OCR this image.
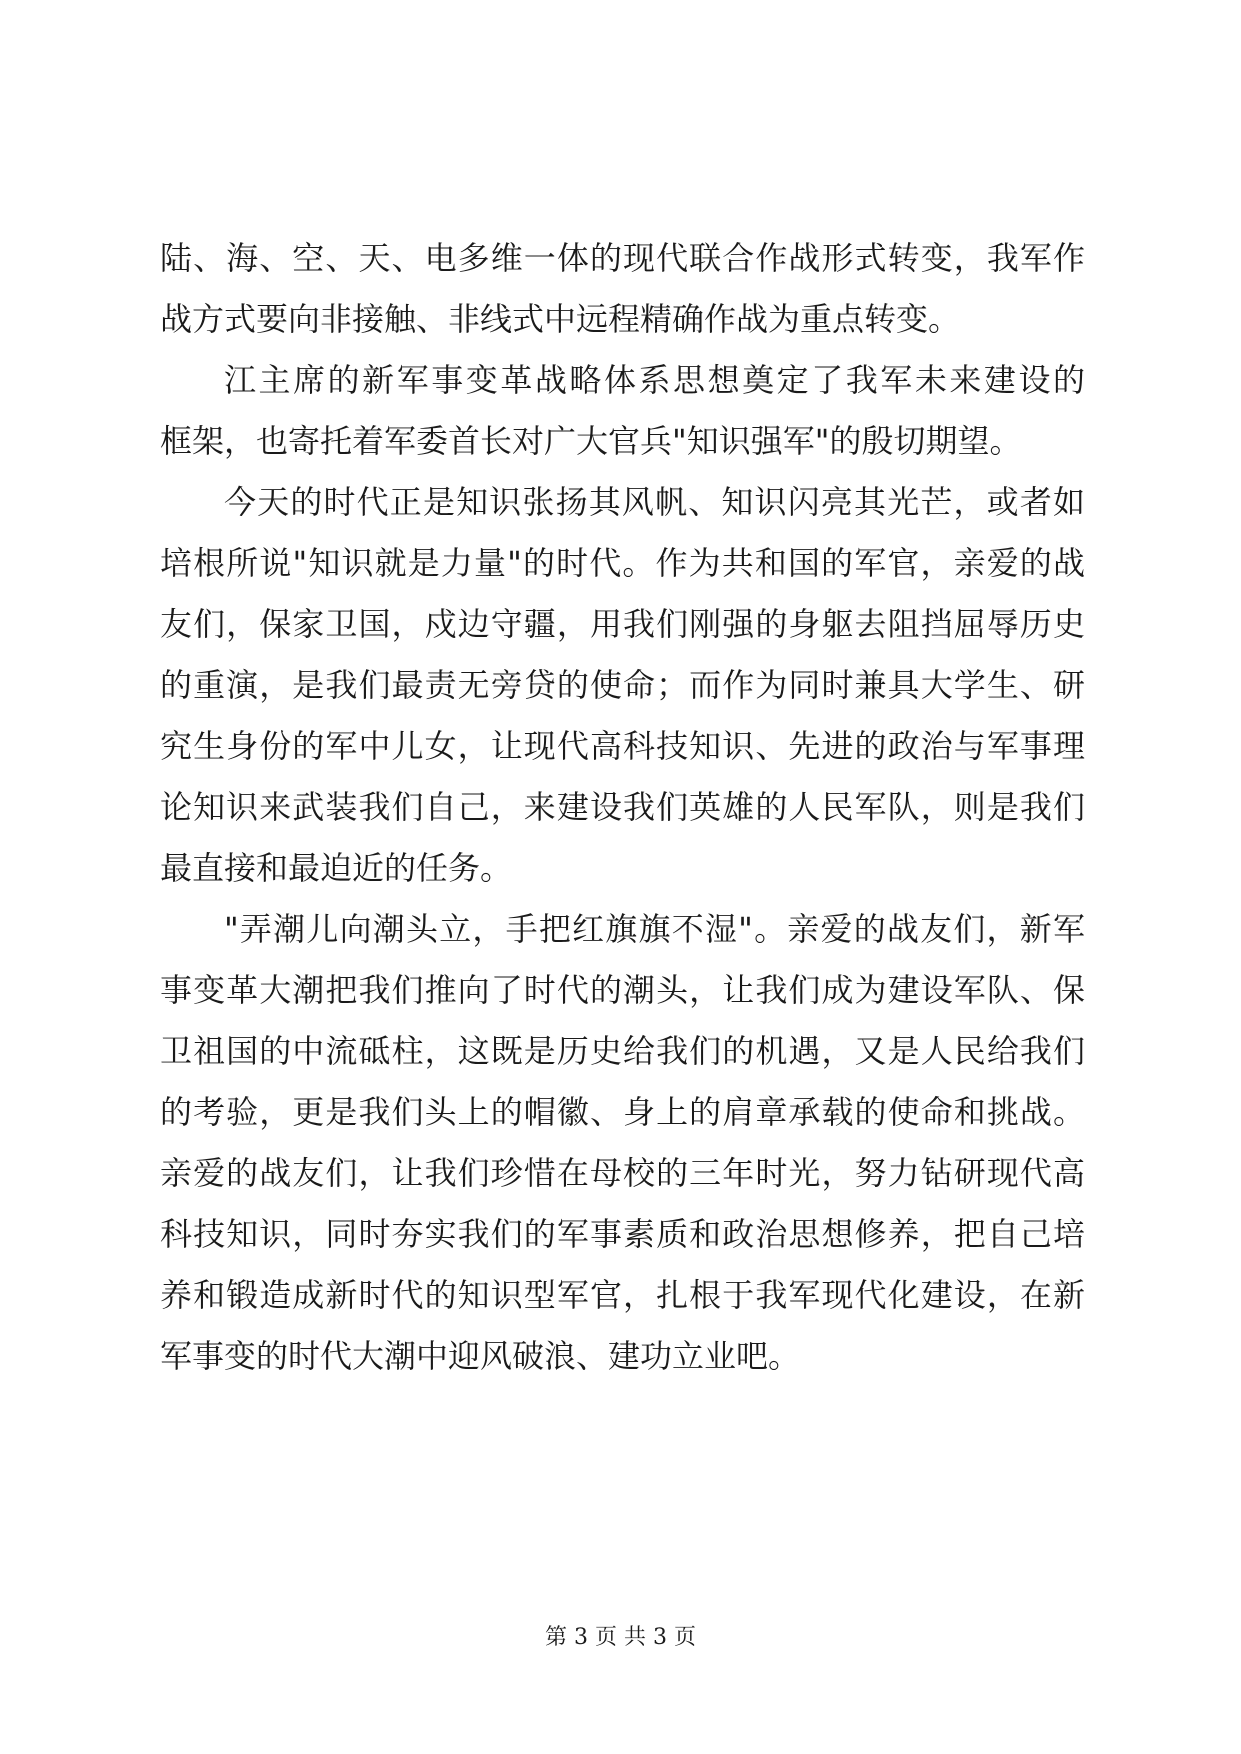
陆、海、空、天、电多维一体的现代联合作战形式转变，我军作
战方式要向非接触、非线式中远程精确作战为重点转变。
江主席的新军事变革战略体系思想奠定了我军未来建设的
框架，也寄托着军委首长对广大官兵"知识强军"的殷切期望。
今天的时代正是知识张扬其风帆、知识闪亮其光芒，或者如
培根所说"知识就是力量"的时代。作为共和国的军官，亲爱的战
友们，保家卫国，戍边守疆，用我们刚强的身躯去阻挡屈辱历史
的重演，是我们最责无旁贷的使命；而作为同时兼具大学生、研
究生身份的军中儿女，让现代高科技知识、先进的政治与军事理
论知识来武装我们自己，来建设我们英雄的人民军队，则是我们
最直接和最迫近的任务。
"弄潮儿向潮头立，手把红旗旗不湿"。亲爱的战友们，新军
事变革大潮把我们推向了时代的潮头，让我们成为建设军队、保
卫祖国的中流砥柱，这既是历史给我们的机遇，又是人民给我们
的考验，更是我们头上的帽徽、身上的肩章承载的使命和挑战。
亲爱的战友们，让我们珍惜在母校的三年时光，努力钻研现代高
科技知识，同时夯实我们的军事素质和政治思想修养，把自己培
养和锻造成新时代的知识型军官，扎根于我军现代化建设，在新
军事变的时代大潮中迎风破浪、建功立业吧。
第 3 页 共 3 页
